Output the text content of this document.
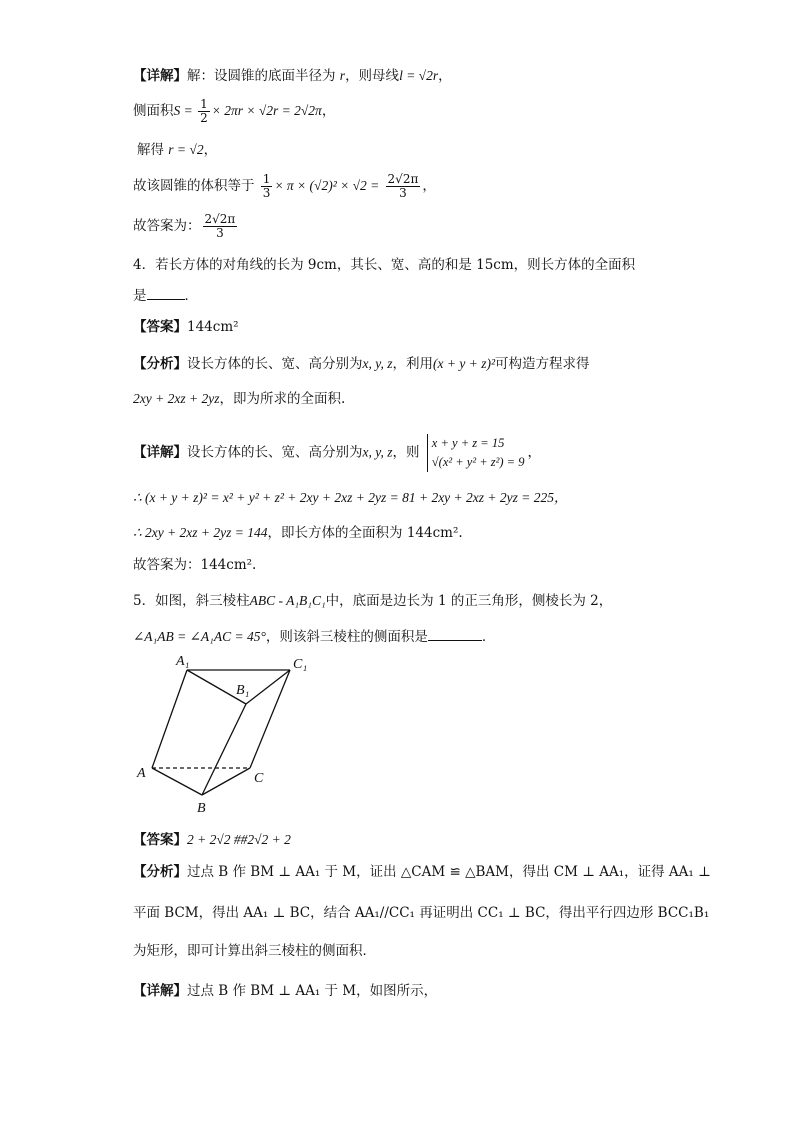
【详解】解：设圆锥的底面半径为 r，则母线l = √2r，
侧面积$S = \frac{1}{2} \times 2\pi r \times √2r = 2√2\pi$，
解得 r = √2，
故该圆锥的体积等于 $\frac{1}{3} \times \pi \times (√2)^2 \times √2 = \frac{2√2\pi}{3}$ ，
故答案为： $\frac{2√2\pi}{3}$
4．若长方体的对角线的长为 9cm，其长、宽、高的和是 15cm，则长方体的全面积
是	．
【答案】144cm²
【分析】设长方体的长、宽、高分别为x, y, z，利用(x + y + z)²可构造方程求得
2xy + 2xz + 2yz，即为所求的全面积.
【详解】设长方体的长、宽、高分别为x, y, z，则
x + y + z = 15
√(x² + y² + z²) = 9
，
∴ (x + y + z)² = x² + y² + z² + 2xy + 2xz + 2yz = 81 + 2xy + 2xz + 2yz = 225，
∴ 2xy + 2xz + 2yz = 144，即长方体的全面积为 144cm².
故答案为：144cm².
5．如图，斜三棱柱ABC - A₁B₁C₁中，底面是边长为 1 的正三角形，侧棱长为 2，
∠A₁AB = ∠A₁AC = 45°，则该斜三棱柱的侧面积是	．
A₁	C₁
B₁
A	C
B
【答案】2 + 2√2 ##2√2 + 2
【分析】过点 B 作 BM ⊥ AA₁ 于 M，证出 △CAM ≌ △BAM，得出 CM ⊥ AA₁，证得 AA₁ ⊥
平面 BCM，得出 AA₁ ⊥ BC，结合 AA₁//CC₁ 再证明出 CC₁ ⊥ BC，得出平行四边形 BCC₁B₁
为矩形，即可计算出斜三棱柱的侧面积．
【详解】过点 B 作 BM ⊥ AA₁ 于 M，如图所示，
